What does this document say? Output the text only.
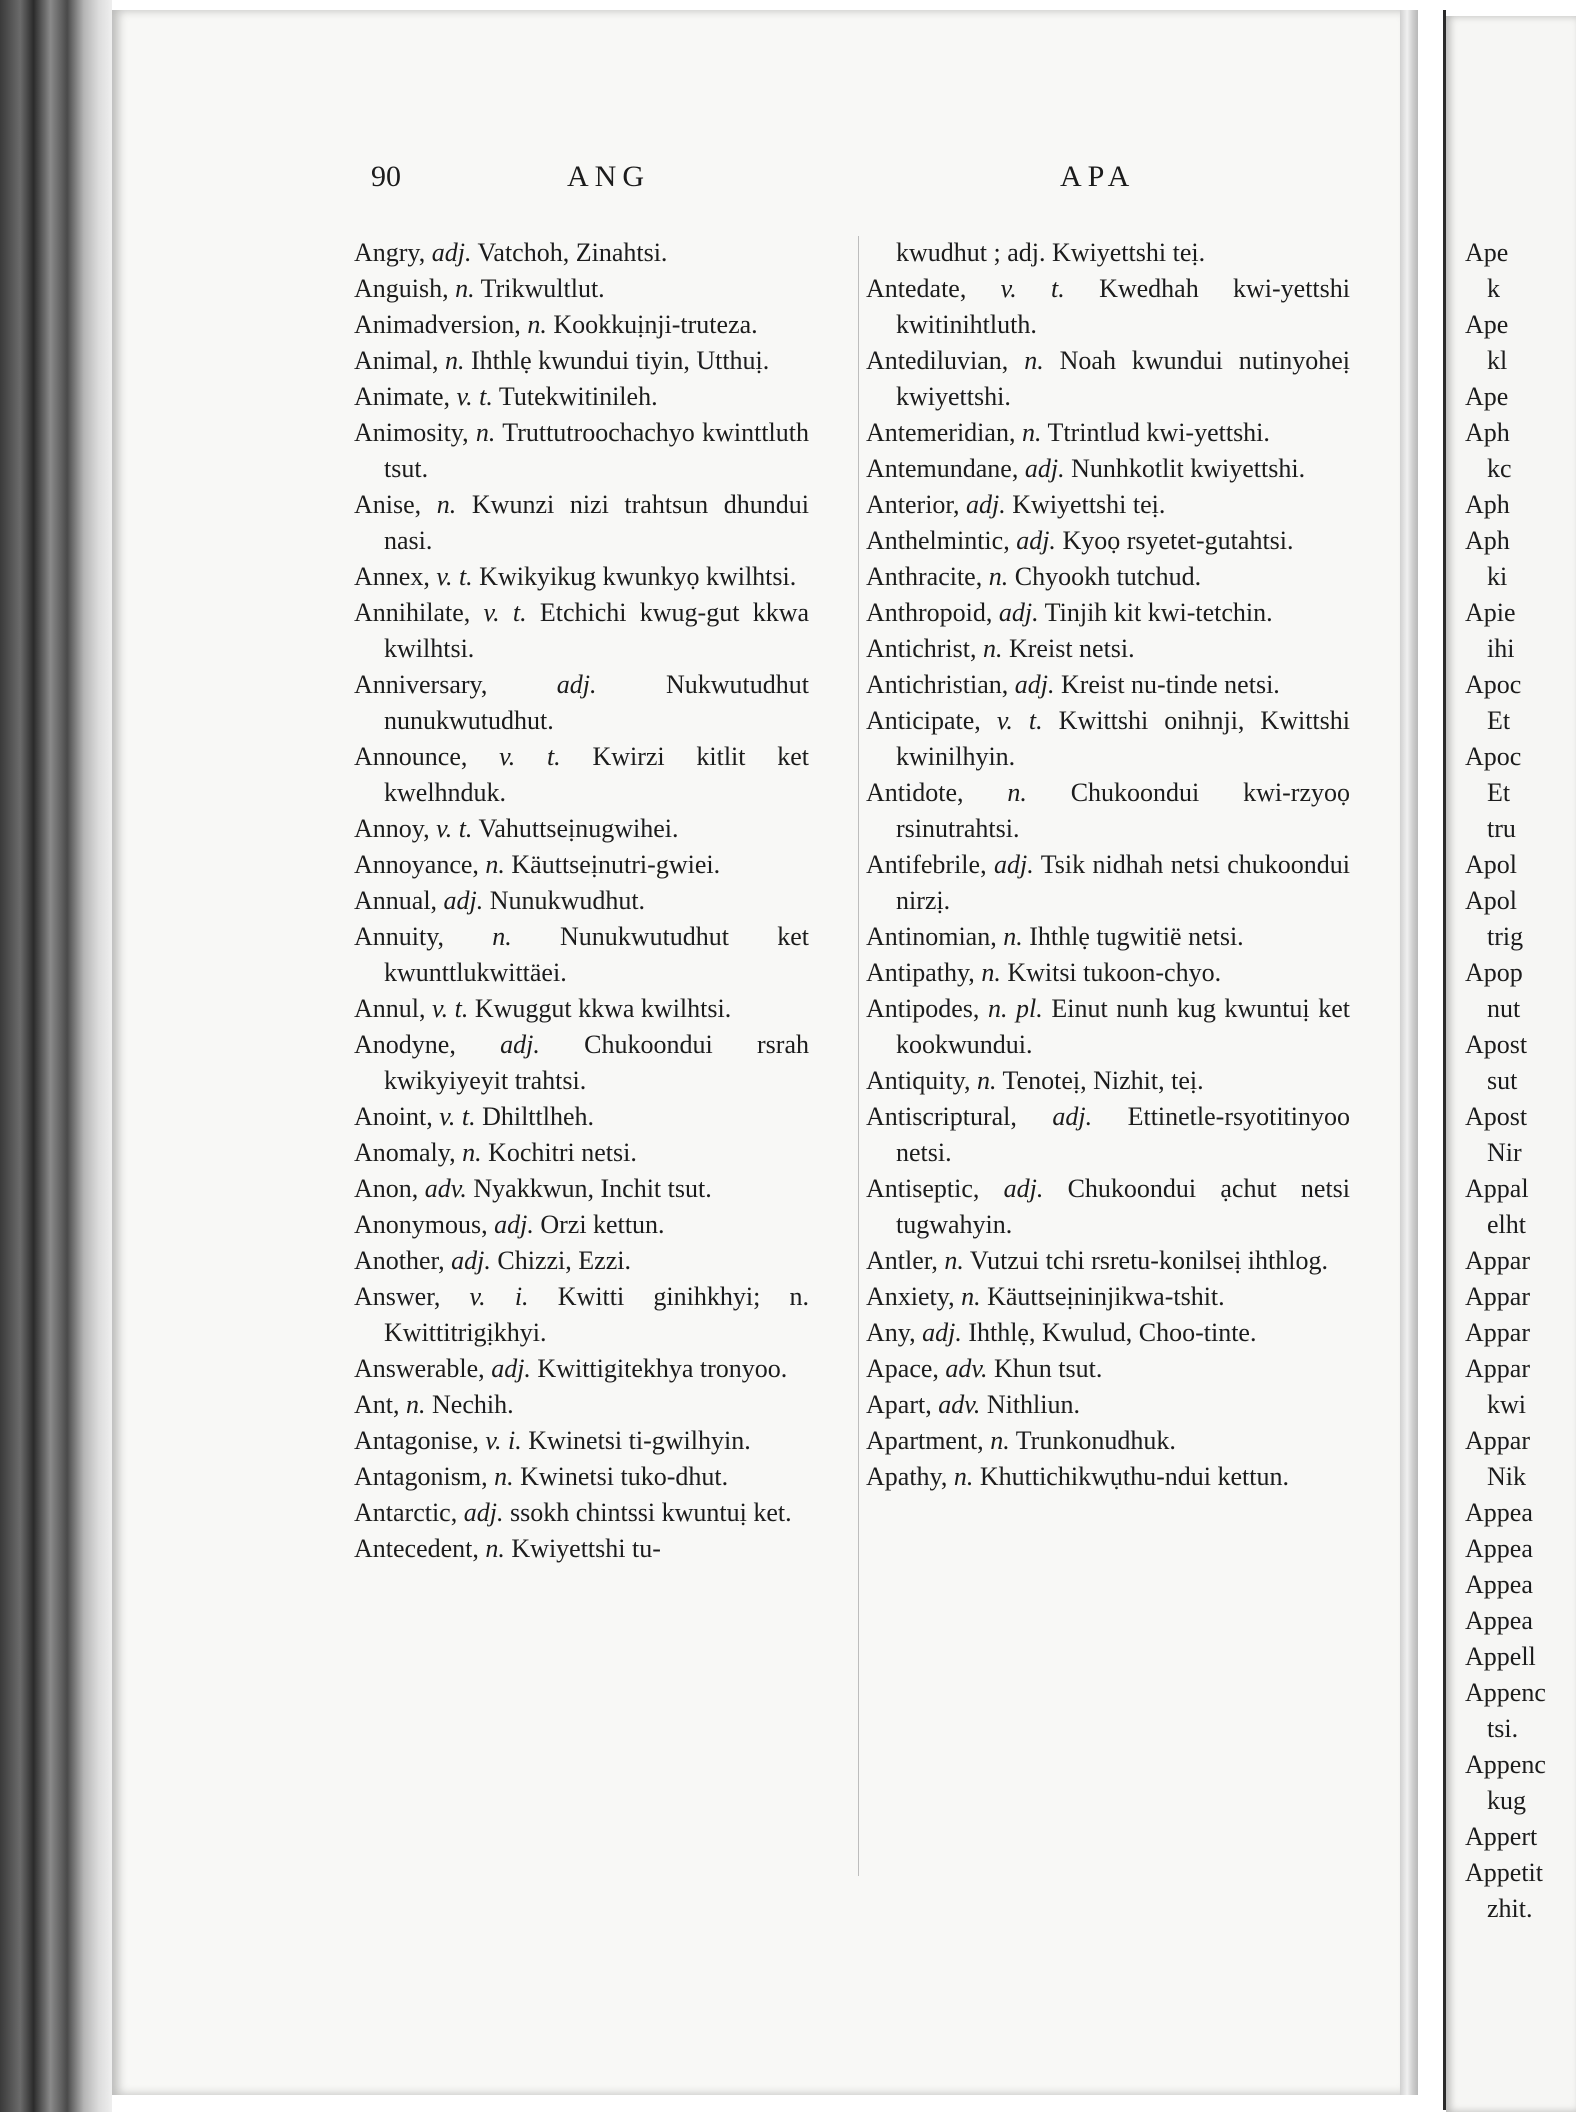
90	ANG	APA
Angry, adj. Vatchoh, Zinahtsi.
Anguish, n. Trikwultlut.
Animadversion, n. Kookkuịnji-truteza.
Animal, n. Ihthlẹ kwundui tiyin, Utthuị.
Animate, v. t. Tutekwitinileh.
Animosity, n. Truttutroochachyo kwinttluth tsut.
Anise, n. Kwunzi nizi trahtsun dhundui nasi.
Annex, v. t. Kwikyikug kwunkyọ kwilhtsi.
Annihilate, v. t. Etchichi kwug-gut kkwa kwilhtsi.
Anniversary,	adj.	Nukwutudhut nunukwutudhut.
Announce, v. t. Kwirzi kitlit ket kwelhnduk.
Annoy, v. t. Vahuttseịnugwihei.
Annoyance, n. Käuttseịnutri-gwiei.
Annual, adj. Nunukwudhut.
Annuity, n. Nunukwutudhut ket kwunttlukwittäei.
Annul, v. t. Kwuggut kkwa kwilhtsi.
Anodyne, adj. Chukoondui rsrah kwikyiyeyit trahtsi.
Anoint, v. t. Dhilttlheh.
Anomaly, n. Kochitri netsi.
Anon, adv. Nyakkwun, Inchit tsut.
Anonymous, adj. Orzi kettun.
Another, adj. Chizzi, Ezzi.
Answer, v. i. Kwitti ginihkhyi; n. Kwittitrigịkhyi.
Answerable, adj. Kwittigitekhya tronyoo.
Ant, n. Nechih.
Antagonise, v. i. Kwinetsi ti-gwilhyin.
Antagonism, n. Kwinetsi tuko-dhut.
Antarctic, adj. ssokh chintssi kwuntuị ket.
Antecedent, n. Kwiyettshi tu-
kwudhut ; adj. Kwiyettshi teị.
Antedate, v. t. Kwedhah kwi-yettshi kwitinihtluth.
Antediluvian, n. Noah kwundui nutinyoheị kwiyettshi.
Antemeridian, n. Ttrintlud kwi-yettshi.
Antemundane, adj. Nunhkotlit kwiyettshi.
Anterior, adj. Kwiyettshi teị.
Anthelmintic, adj. Kyoọ rsyetet-gutahtsi.
Anthracite, n. Chyookh tutchud.
Anthropoid, adj. Tinjih kit kwi-tetchin.
Antichrist, n. Kreist netsi.
Antichristian, adj. Kreist nu-tinde netsi.
Anticipate, v. t. Kwittshi onihnji, Kwittshi kwinilhyin.
Antidote, n. Chukoondui kwi-rzyoọ rsinutrahtsi.
Antifebrile, adj. Tsik nidhah netsi chukoondui nirzị.
Antinomian, n. Ihthlẹ tugwitië netsi.
Antipathy, n. Kwitsi tukoon-chyo.
Antipodes, n. pl. Einut nunh kug kwuntuị ket kookwundui.
Antiquity, n. Tenoteị, Nizhit, teị.
Antiscriptural, adj. Ettinetle-rsyotitinyoo netsi.
Antiseptic, adj. Chukoondui ạchut netsi tugwahyin.
Antler, n. Vutzui tchi rsretu-konilseị ihthlog.
Anxiety, n. Käuttseịninjikwa-tshit.
Any, adj. Ihthlẹ, Kwulud, Choo-tinte.
Apace, adv. Khun tsut.
Apart, adv. Nithliun.
Apartment, n. Trunkonudhuk.
Apathy, n. Khuttichikwụthu-ndui kettun.
Ape
k
Ape
kl
Ape
Aph
kc
Aph
Aph
ki
Apie
ihi
Apoc
Et
Apoc
Et
tru
Apol
Apol
trig
Apop
nut
Apost
sut
Apost
Nir
Appal
elht
Appar
Appar
Appar
Appar
kwi
Appar
Nik
Appea
Appea
Appea
Appea
Appell
Appenc
tsi.
Appenc
kug
Appert
Appetit
zhit.
